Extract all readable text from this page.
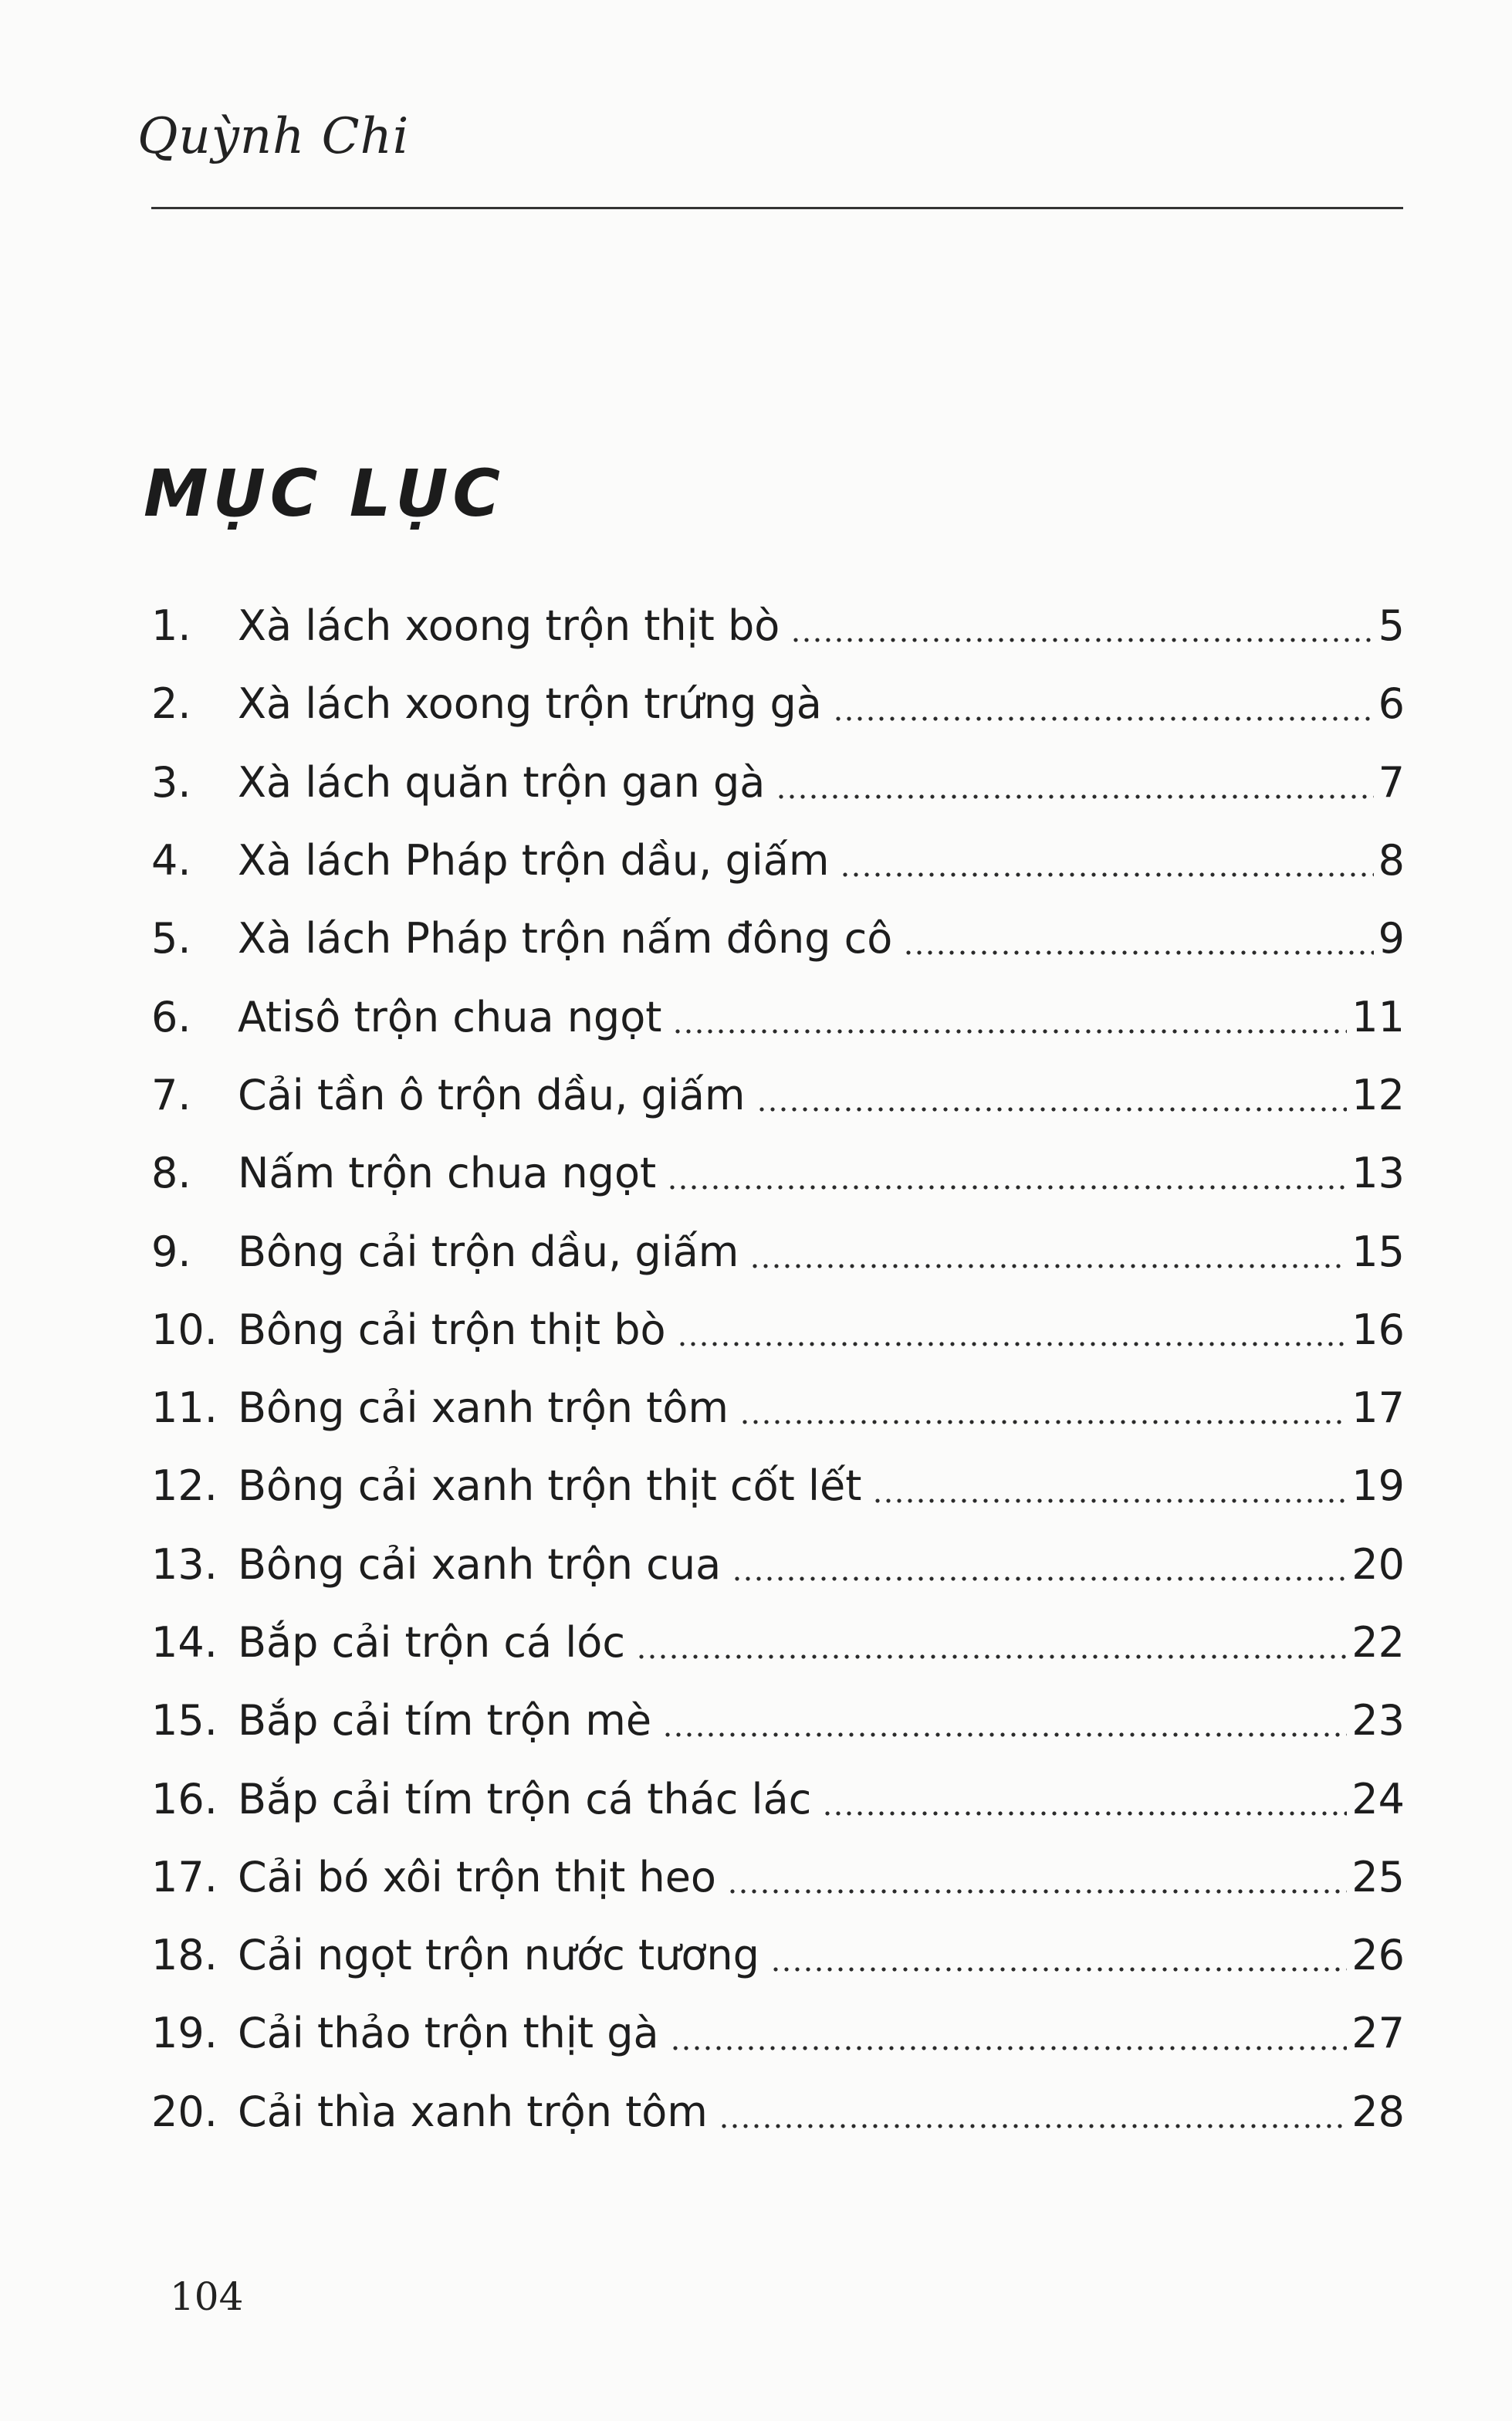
Quỳnh Chi
MỤC LỤC
1.	Xà lách xoong trộn thịt bò	5
2.	Xà lách xoong trộn trứng gà	6
3.	Xà lách quăn trộn gan gà	7
4.	Xà lách Pháp trộn dầu, giấm	8
5.	Xà lách Pháp trộn nấm đông cô	9
6.	Atisô trộn chua ngọt	11
7.	Cải tần ô trộn dầu, giấm	12
8.	Nấm trộn chua ngọt	13
9.	Bông cải trộn dầu, giấm	15
10. Bông cải trộn thịt bò	16
11. Bông cải xanh trộn tôm	17
12. Bông cải xanh trộn thịt cốt lết	19
13. Bông cải xanh trộn cua	20
14. Bắp cải trộn cá lóc	22
15. Bắp cải tím trộn mè	23
16. Bắp cải tím trộn cá thác lác	24
17. Cải bó xôi trộn thịt heo	25
18. Cải ngọt trộn nước tương	26
19. Cải thảo trộn thịt gà	27
20. Cải thìa xanh trộn tôm	28
104
